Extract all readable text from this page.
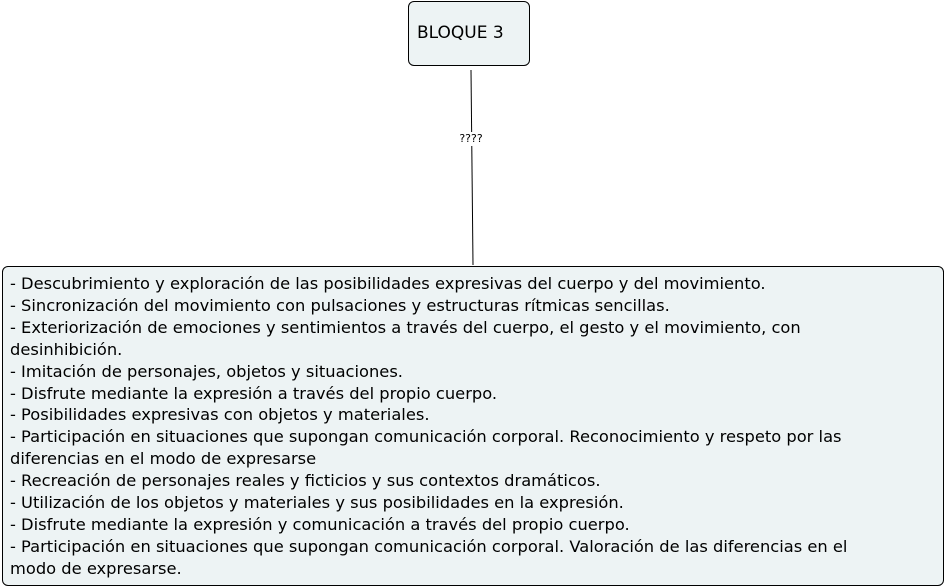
BLOQUE 3
????
- Descubrimiento y exploración de las posibilidades expresivas del cuerpo y del movimiento.
- Sincronización del movimiento con pulsaciones y estructuras rítmicas sencillas.
- Exteriorización de emociones y sentimientos a través del cuerpo, el gesto y el movimiento, con
desinhibición.
- Imitación de personajes, objetos y situaciones.
- Disfrute mediante la expresión a través del propio cuerpo.
- Posibilidades expresivas con objetos y materiales.
- Participación en situaciones que supongan comunicación corporal. Reconocimiento y respeto por las
diferencias en el modo de expresarse
- Recreación de personajes reales y ficticios y sus contextos dramáticos.
- Utilización de los objetos y materiales y sus posibilidades en la expresión.
- Disfrute mediante la expresión y comunicación a través del propio cuerpo.
- Participación en situaciones que supongan comunicación corporal. Valoración de las diferencias en el
modo de expresarse.
